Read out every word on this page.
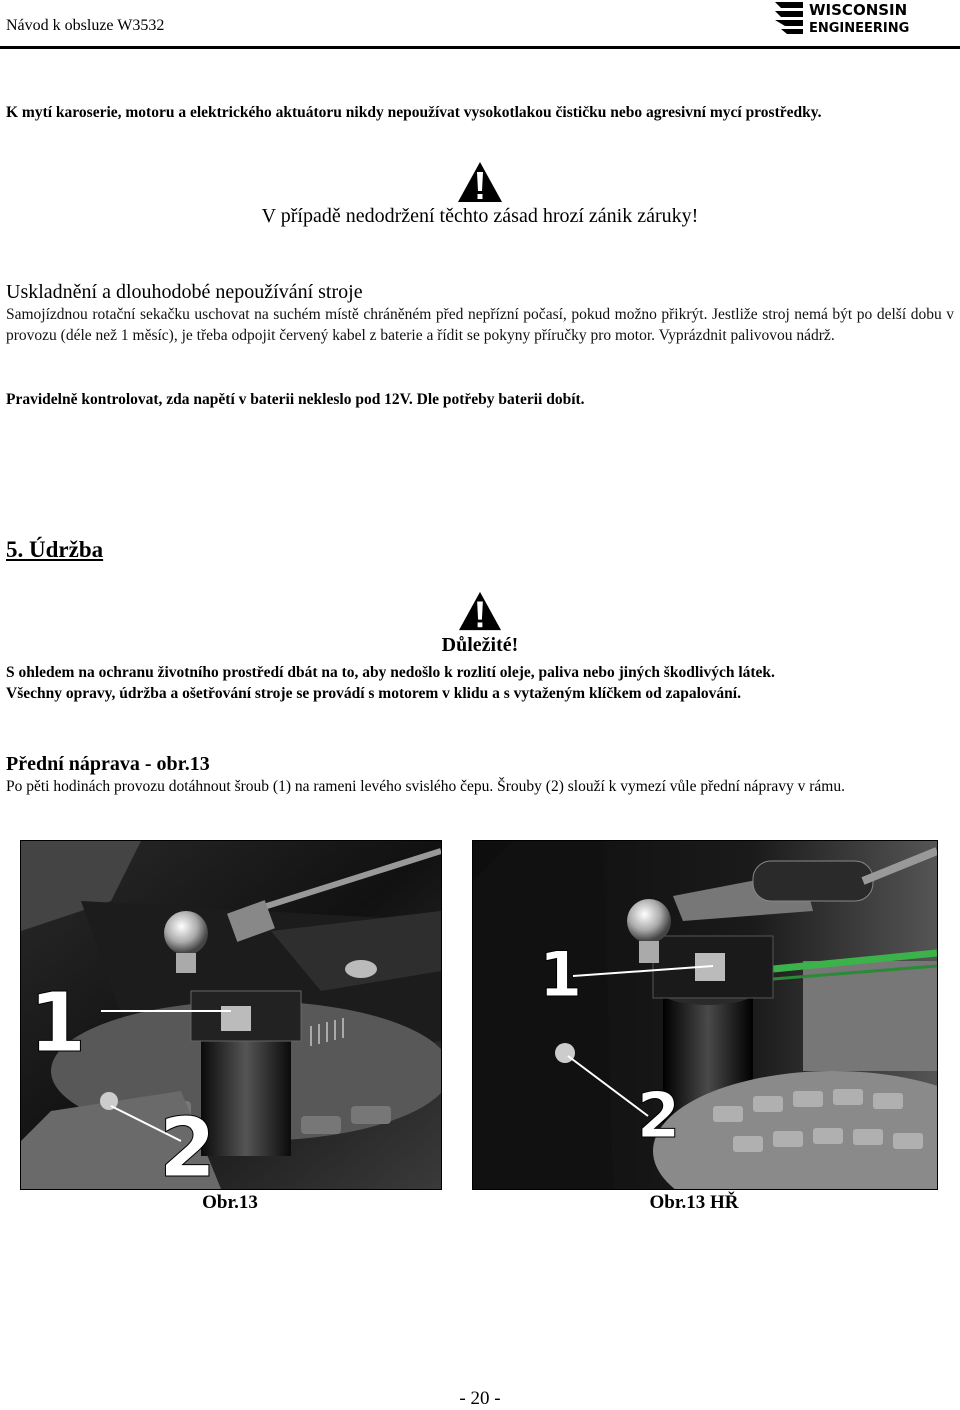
Návod k obsluze W3532
WISCONSIN
ENGINEERING
K mytí karoserie, motoru a elektrického aktuátoru nikdy nepoužívat vysokotlakou čističku nebo agresivní mycí prostředky.
V případě nedodržení těchto zásad hrozí zánik záruky!
Uskladnění a dlouhodobé nepoužívání stroje
Samojízdnou rotační sekačku uschovat na suchém místě chráněném před nepřízní počasí, pokud možno přikrýt. Jestliže stroj nemá být po delší dobu v provozu (déle než 1 měsíc), je třeba odpojit červený kabel z baterie a řídit se pokyny příručky pro motor. Vyprázdnit palivovou nádrž.
Pravidelně kontrolovat, zda napětí v baterii nekleslo pod 12V. Dle potřeby baterii dobít.
5. Údržba
Důležité!
S ohledem na ochranu životního prostředí dbát na to, aby nedošlo k rozlití oleje, paliva nebo jiných škodlivých látek.
Všechny opravy, údržba a ošetřování stroje se provádí s motorem v klidu a s vytaženým klíčkem od zapalování.
Přední náprava - obr.13
Po pěti hodinách provozu dotáhnout šroub (1) na rameni levého svislého čepu. Šrouby (2) slouží k vymezí vůle přední nápravy v rámu.
1
2
1
2
Obr.13	Obr.13 HŘ
- 20 -
